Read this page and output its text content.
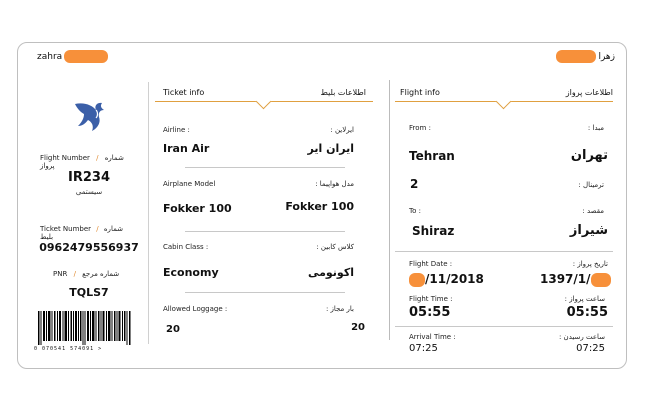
zahra	زهرا
Flight Number / شماره پرواز
IR234
سیستمی
Ticket Number / شماره بلیط
0962479556937
PNR / شماره مرجع
TQLS7
0 070541 574091 >
Ticket info	اطلاعات بلیط
Airline :	ایرلاین :
Iran Air	ایران ایر
Airplane Model	مدل هواپیما :
Fokker 100	Fokker 100
Cabin Class :	کلاس کابین :
Economy	اکونومی
Allowed Loggage :	بار مجاز :
20	20
Flight info	اطلاعات پرواز
From :	مبدا :
Tehran	تهران
ترمینال :
2
To :	مقصد :
Shiraz	شیراز
Flight Date :	تاریخ پرواز :
/11/2018	1397/1/
Flight Time :	ساعت پرواز :
05:55	05:55
Arrival Time :	ساعت رسیدن :
07:25	07:25
